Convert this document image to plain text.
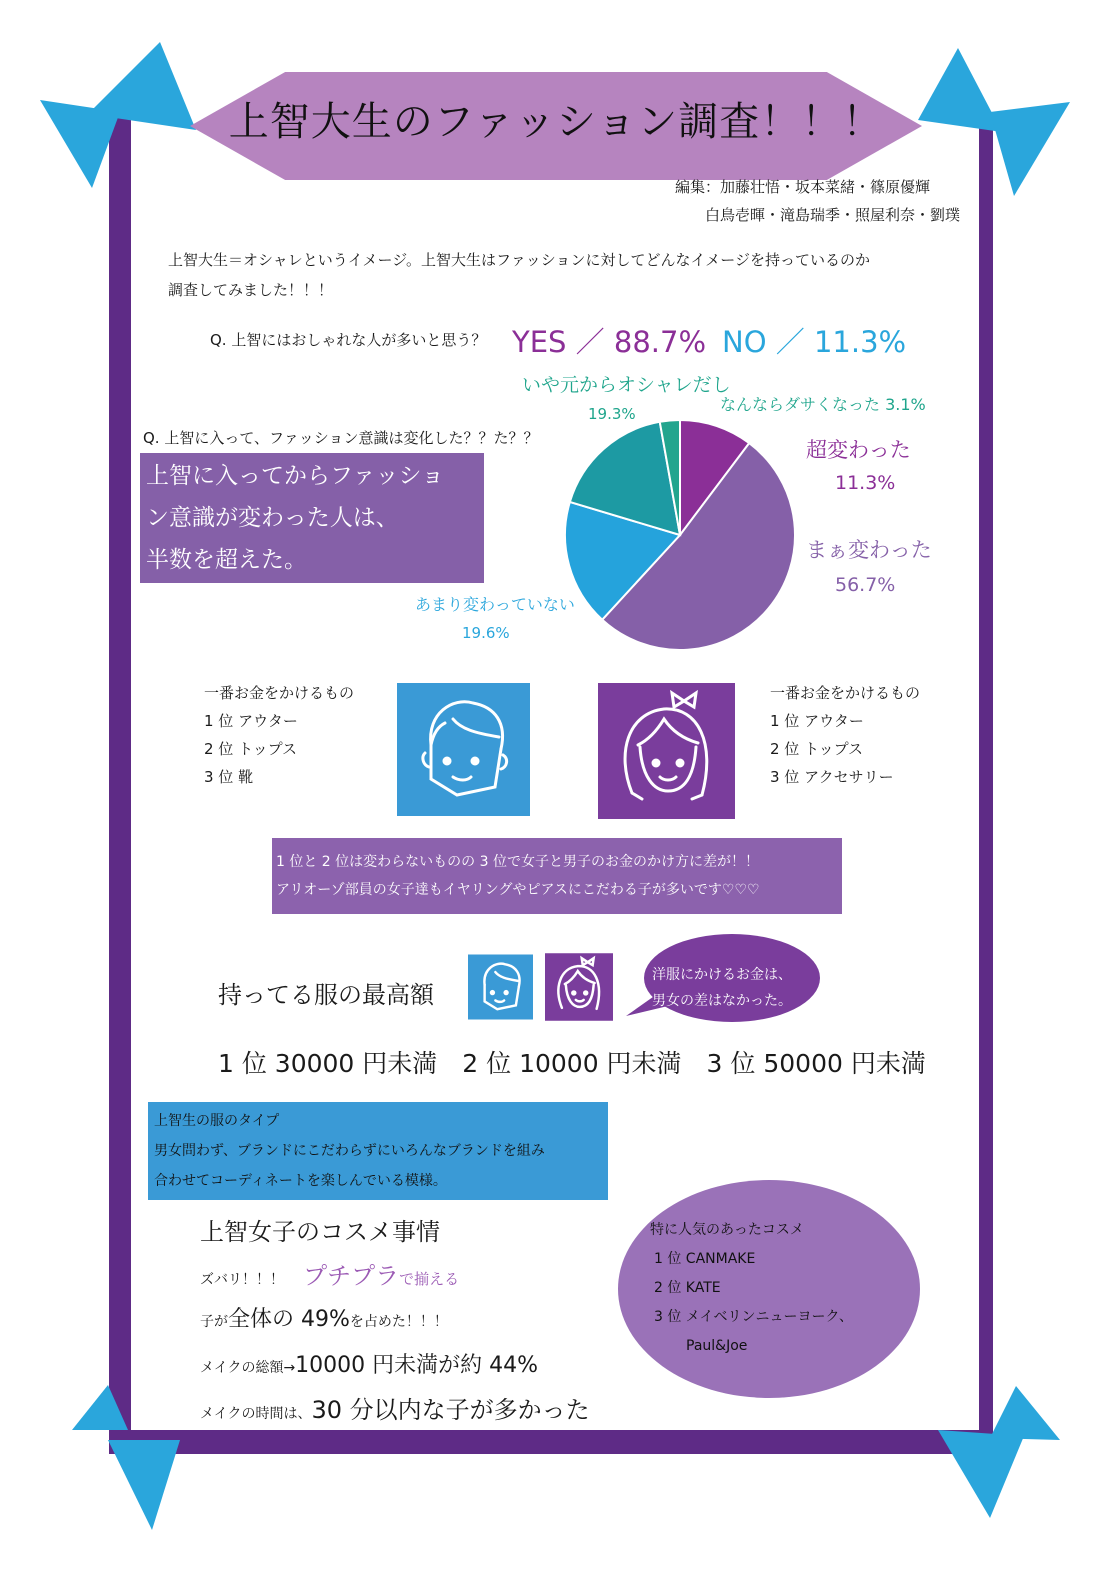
上智大生のファッション調査！！！
編集：加藤壮悟・坂本菜緒・篠原優輝
白鳥壱暉・滝島瑞季・照屋利奈・劉璞
上智大生＝オシャレというイメージ。上智大生はファッションに対してどんなイメージを持っているのか
調査してみました！！！
Q. 上智にはおしゃれな人が多いと思う？ YES ／ 88.7% NO ／ 11.3%
Q. 上智に入って、ファッション意識は変化した？？た？？
上智に入ってからファッショ
ン意識が変わった人は、
半数を超えた。
いや元からオシャレだし
19.3%	なんならダサくなった 3.1%
超変わった
11.3%
まぁ変わった
56.7%
あまり変わっていない
19.6%
一番お金をかけるもの
1 位 アウター
2 位 トップス
3 位 靴
一番お金をかけるもの
1 位 アウター
2 位 トップス
3 位 アクセサリー
1 位と 2 位は変わらないものの 3 位で女子と男子のお金のかけ方に差が！！
アリオーゾ部員の女子達もイヤリングやピアスにこだわる子が多いです♡♡♡
持ってる服の最高額
洋服にかけるお金は、
男女の差はなかった。
1 位 30000 円未満　2 位 10000 円未満　3 位 50000 円未満
上智生の服のタイプ
男女問わず、ブランドにこだわらずにいろんなブランドを組み
合わせてコーディネートを楽しんでいる模様。
上智女子のコスメ事情
ズバリ！！！ プチプラで揃える
子が全体の 49%を占めた！！！
メイクの総額→10000 円未満が約 44%
メイクの時間は、30 分以内な子が多かった
特に人気のあったコスメ
1 位 CANMAKE
2 位 KATE
3 位 メイベリンニューヨーク、
Paul&Joe
